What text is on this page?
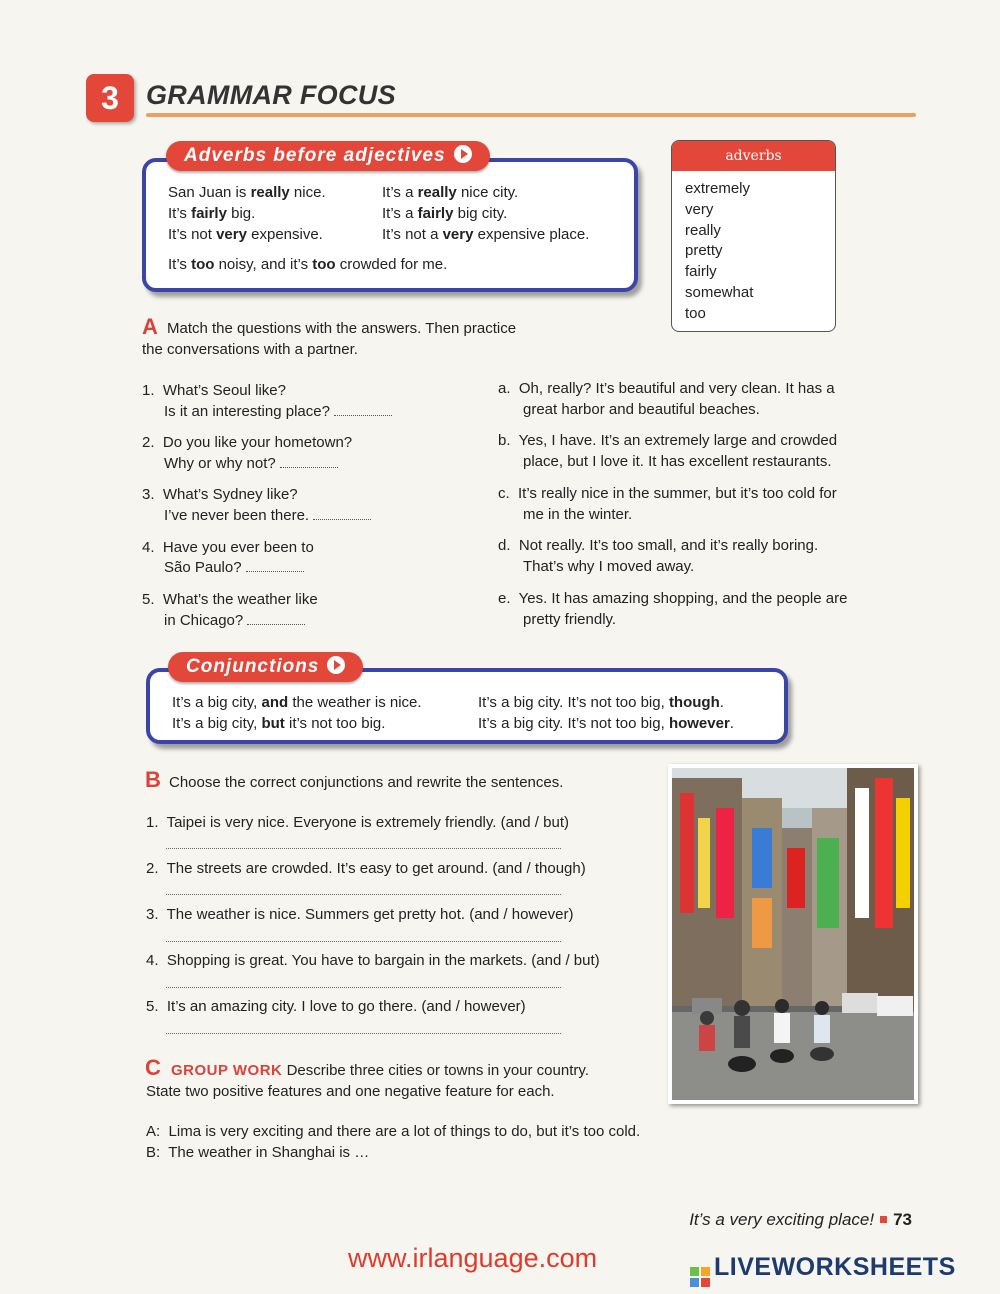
3	GRAMMAR FOCUS
Adverbs before adjectives
San Juan is really nice.
It’s fairly big.
It’s not very expensive.
It’s a really nice city.
It’s a fairly big city.
It’s not a very expensive place.
It’s too noisy, and it’s too crowded for me.
adverbs
extremely
very
really
pretty
fairly
somewhat
too
A Match the questions with the answers. Then practice
the conversations with a partner.
1. What’s Seoul like?
Is it an interesting place?
2. Do you like your hometown?
Why or why not?
3. What’s Sydney like?
I’ve never been there.
4. Have you ever been to
São Paulo?
5. What’s the weather like
in Chicago?
a. Oh, really? It’s beautiful and very clean. It has a
great harbor and beautiful beaches.
b. Yes, I have. It’s an extremely large and crowded
place, but I love it. It has excellent restaurants.
c. It’s really nice in the summer, but it’s too cold for
me in the winter.
d. Not really. It’s too small, and it’s really boring.
That’s why I moved away.
e. Yes. It has amazing shopping, and the people are
pretty friendly.
Conjunctions
It’s a big city, and the weather is nice.
It’s a big city, but it’s not too big.
It’s a big city. It’s not too big, though.
It’s a big city. It’s not too big, however.
B Choose the correct conjunctions and rewrite the sentences.
1. Taipei is very nice. Everyone is extremely friendly. (and / but)
2. The streets are crowded. It’s easy to get around. (and / though)
3. The weather is nice. Summers get pretty hot. (and / however)
4. Shopping is great. You have to bargain in the markets. (and / but)
5. It’s an amazing city. I love to go there. (and / however)
C GROUP WORK Describe three cities or towns in your country.
State two positive features and one negative feature for each.
A: Lima is very exciting and there are a lot of things to do, but it’s too cold.
B: The weather in Shanghai is …
It’s a very exciting place! 73
www.irlanguage.com	LIVEWORKSHEETS
